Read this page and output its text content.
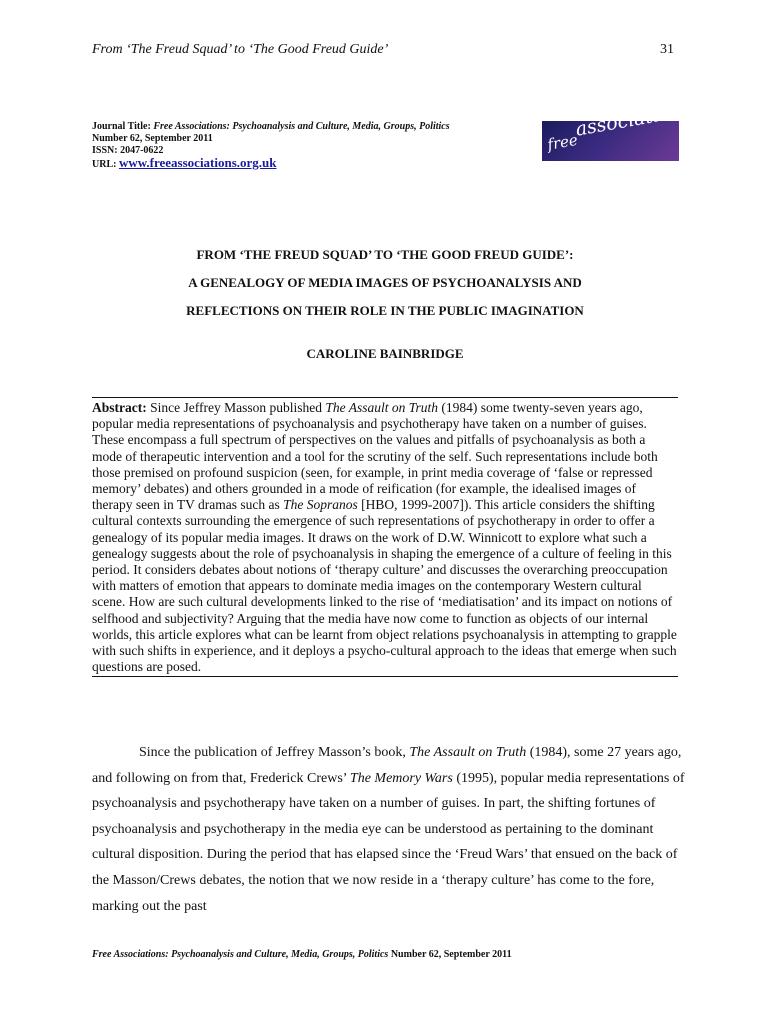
From ‘The Freud Squad’ to ‘The Good Freud Guide’	31
Journal Title: Free Associations: Psychoanalysis and Culture, Media, Groups, Politics
Number 62, September 2011
ISSN: 2047-0622
URL: www.freeassociations.org.uk
$_{free}$associations
FROM ‘THE FREUD SQUAD’ TO ‘THE GOOD FREUD GUIDE’:
A GENEALOGY OF MEDIA IMAGES OF PSYCHOANALYSIS AND
REFLECTIONS ON THEIR ROLE IN THE PUBLIC IMAGINATION
CAROLINE BAINBRIDGE

Abstract: Since Jeffrey Masson published The Assault on Truth (1984) some twenty-seven years ago, popular media representations of psychoanalysis and psychotherapy have taken on a number of guises. These encompass a full spectrum of perspectives on the values and pitfalls of psychoanalysis as both a mode of therapeutic intervention and a tool for the scrutiny of the self. Such representations include both those premised on profound suspicion (seen, for example, in print media coverage of ‘false or repressed memory’ debates) and others grounded in a mode of reification (for example, the idealised images of therapy seen in TV dramas such as The Sopranos [HBO, 1999-2007]). This article considers the shifting cultural contexts surrounding the emergence of such representations of psychotherapy in order to offer a genealogy of its popular media images. It draws on the work of D.W. Winnicott to explore what such a genealogy suggests about the role of psychoanalysis in shaping the emergence of a culture of feeling in this period. It considers debates about notions of ‘therapy culture’ and discusses the overarching preoccupation with matters of emotion that appears to dominate media images on the contemporary Western cultural scene. How are such cultural developments linked to the rise of ‘mediatisation’ and its impact on notions of selfhood and subjectivity? Arguing that the media have now come to function as objects of our internal worlds, this article explores what can be learnt from object relations psychoanalysis in attempting to grapple with such shifts in experience, and it deploys a psycho-cultural approach to the ideas that emerge when such questions are posed.

Since the publication of Jeffrey Masson’s book, The Assault on Truth (1984), some 27 years ago, and following on from that, Frederick Crews’ The Memory Wars (1995), popular media representations of psychoanalysis and psychotherapy have taken on a number of guises. In part, the shifting fortunes of psychoanalysis and psychotherapy in the media eye can be understood as pertaining to the dominant cultural disposition. During the period that has elapsed since the ‘Freud Wars’ that ensued on the back of the Masson/Crews debates, the notion that we now reside in a ‘therapy culture’ has come to the fore, marking out the past

Free Associations: Psychoanalysis and Culture, Media, Groups, Politics Number 62, September 2011
